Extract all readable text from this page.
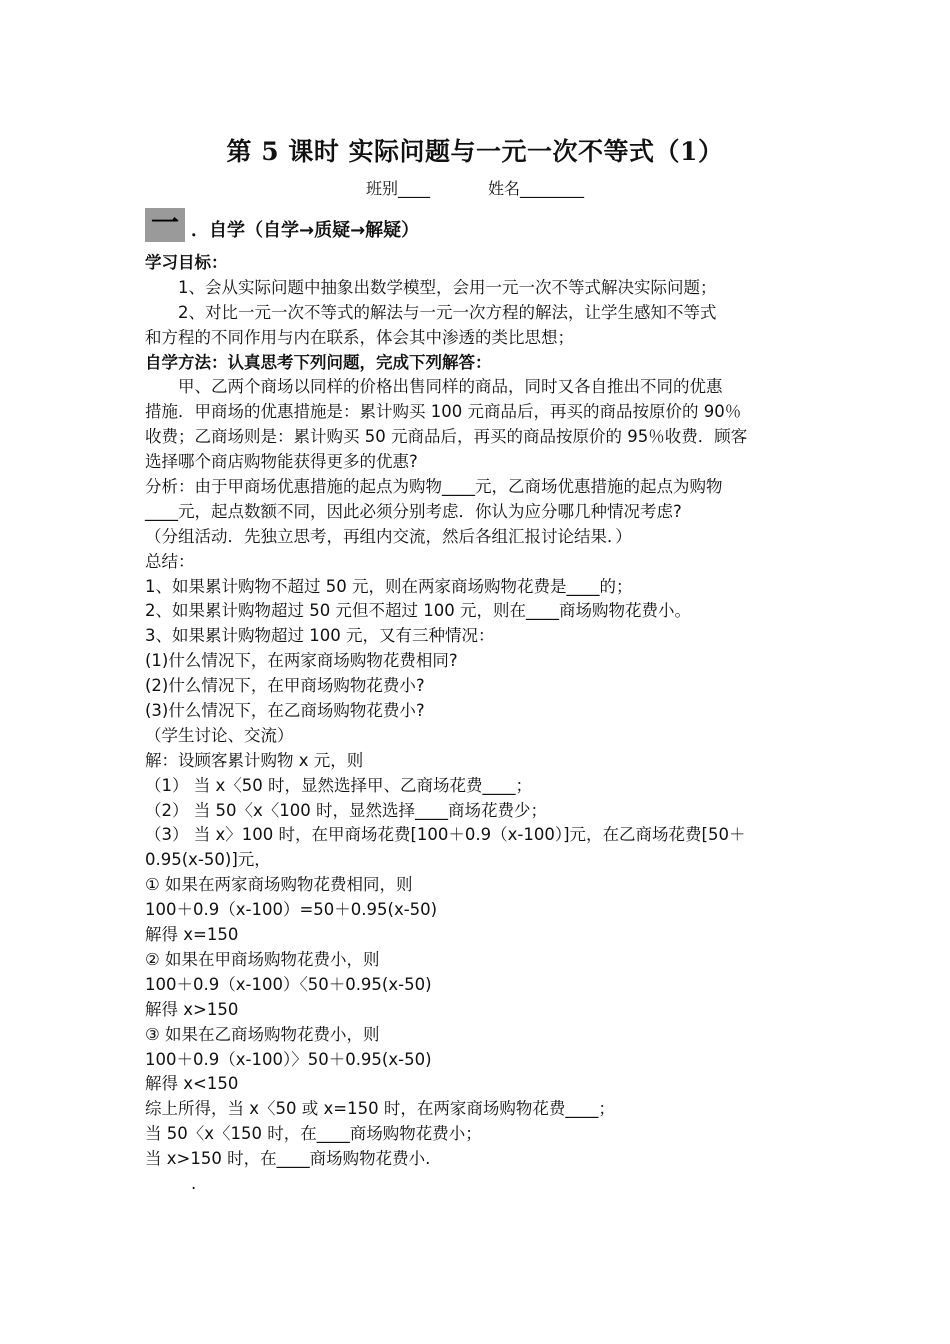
第 5 课时 实际问题与一元一次不等式（1）
班别____	姓名________
一 ．自学（自学→质疑→解疑）
学习目标：
1、会从实际问题中抽象出数学模型，会用一元一次不等式解决实际问题；
2、对比一元一次不等式的解法与一元一次方程的解法，让学生感知不等式
和方程的不同作用与内在联系，体会其中渗透的类比思想；
自学方法：认真思考下列问题，完成下列解答：
甲、乙两个商场以同样的价格出售同样的商品，同时又各自推出不同的优惠
措施．甲商场的优惠措施是：累计购买 100 元商品后，再买的商品按原价的 90％
收费；乙商场则是：累计购买 50 元商品后，再买的商品按原价的 95％收费．顾客
选择哪个商店购物能获得更多的优惠?
分析：由于甲商场优惠措施的起点为购物____元，乙商场优惠措施的起点为购物
____元，起点数额不同，因此必须分别考虑．你认为应分哪几种情况考虑?
（分组活动．先独立思考，再组内交流，然后各组汇报讨论结果．）
总结：
1、如果累计购物不超过 50 元，则在两家商场购物花费是____的；
2、如果累计购物超过 50 元但不超过 100 元，则在____商场购物花费小。
3、如果累计购物超过 100 元，又有三种情况：
(1)什么情况下，在两家商场购物花费相同?
(2)什么情况下，在甲商场购物花费小?
(3)什么情况下，在乙商场购物花费小?
（学生讨论、交流）
解：设顾客累计购物 x 元，则
（1） 当 x〈50 时，显然选择甲、乙商场花费____；
（2） 当 50〈x〈100 时，显然选择____商场花费少；
（3） 当 x〉100 时，在甲商场花费[100＋0.9（x-100）]元，在乙商场花费[50＋
0.95(x-50)]元，
① 如果在两家商场购物花费相同，则
100＋0.9（x-100）=50＋0.95(x-50)
解得 x=150
② 如果在甲商场购物花费小，则
100＋0.9（x-100）〈50＋0.95(x-50)
解得 x>150
③ 如果在乙商场购物花费小，则
100＋0.9（x-100）〉50＋0.95(x-50)
解得 x<150
综上所得，当 x〈50 或 x=150 时，在两家商场购物花费____；
当 50〈x〈150 时，在____商场购物花费小；
当 x>150 时，在____商场购物花费小.
.
